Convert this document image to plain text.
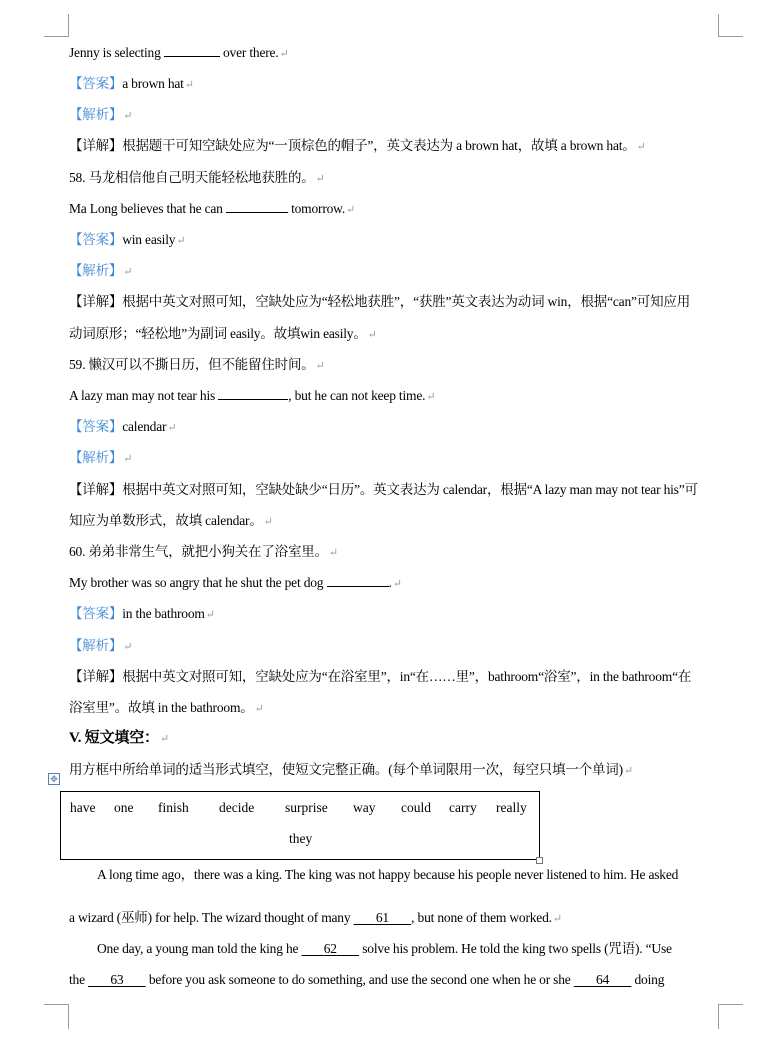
Jenny is selecting	over there.↵
【答案】a brown hat↵
【解析】↵
【详解】根据题干可知空缺处应为“一顶棕色的帽子”，英文表达为 a brown hat，故填 a brown hat。↵
58. 马龙相信他自己明天能轻松地获胜的。↵
Ma Long believes that he can	tomorrow.↵
【答案】win easily↵
【解析】↵
【详解】根据中英文对照可知，空缺处应为“轻松地获胜”，“获胜”英文表达为动词 win，根据“can”可知应用
动词原形；“轻松地”为副词 easily。故填win easily。↵
59. 懒汉可以不撕日历，但不能留住时间。↵
A lazy man may not tear his	, but he can not keep time.↵
【答案】calendar↵
【解析】↵
【详解】根据中英文对照可知，空缺处缺少“日历”。英文表达为 calendar，根据“A lazy man may not tear his”可
知应为单数形式，故填 calendar。↵
60. 弟弟非常生气，就把小狗关在了浴室里。↵
My brother was so angry that he shut the pet dog	.↵
【答案】in the bathroom↵
【解析】↵
【详解】根据中英文对照可知，空缺处应为“在浴室里”，in“在……里”，bathroom“浴室”，in the bathroom“在
浴室里”。故填 in the bathroom。↵
V. 短文填空：↵
用方框中所给单词的适当形式填空，使短文完整正确。(每个单词限用一次，每空只填一个单词)↵
✥
have one finish decide surprise way could carry really
they
A long time ago，there was a king. The king was not happy because his people never listened to him. He asked
a wizard (巫师) for help. The wizard thought of many        61 , but none of them worked.↵
One day, a young man told the king he        62        solve his problem. He told the king two spells (咒语). “Use
the        63        before you ask someone to do something, and use the second one when he or she        64        doing
